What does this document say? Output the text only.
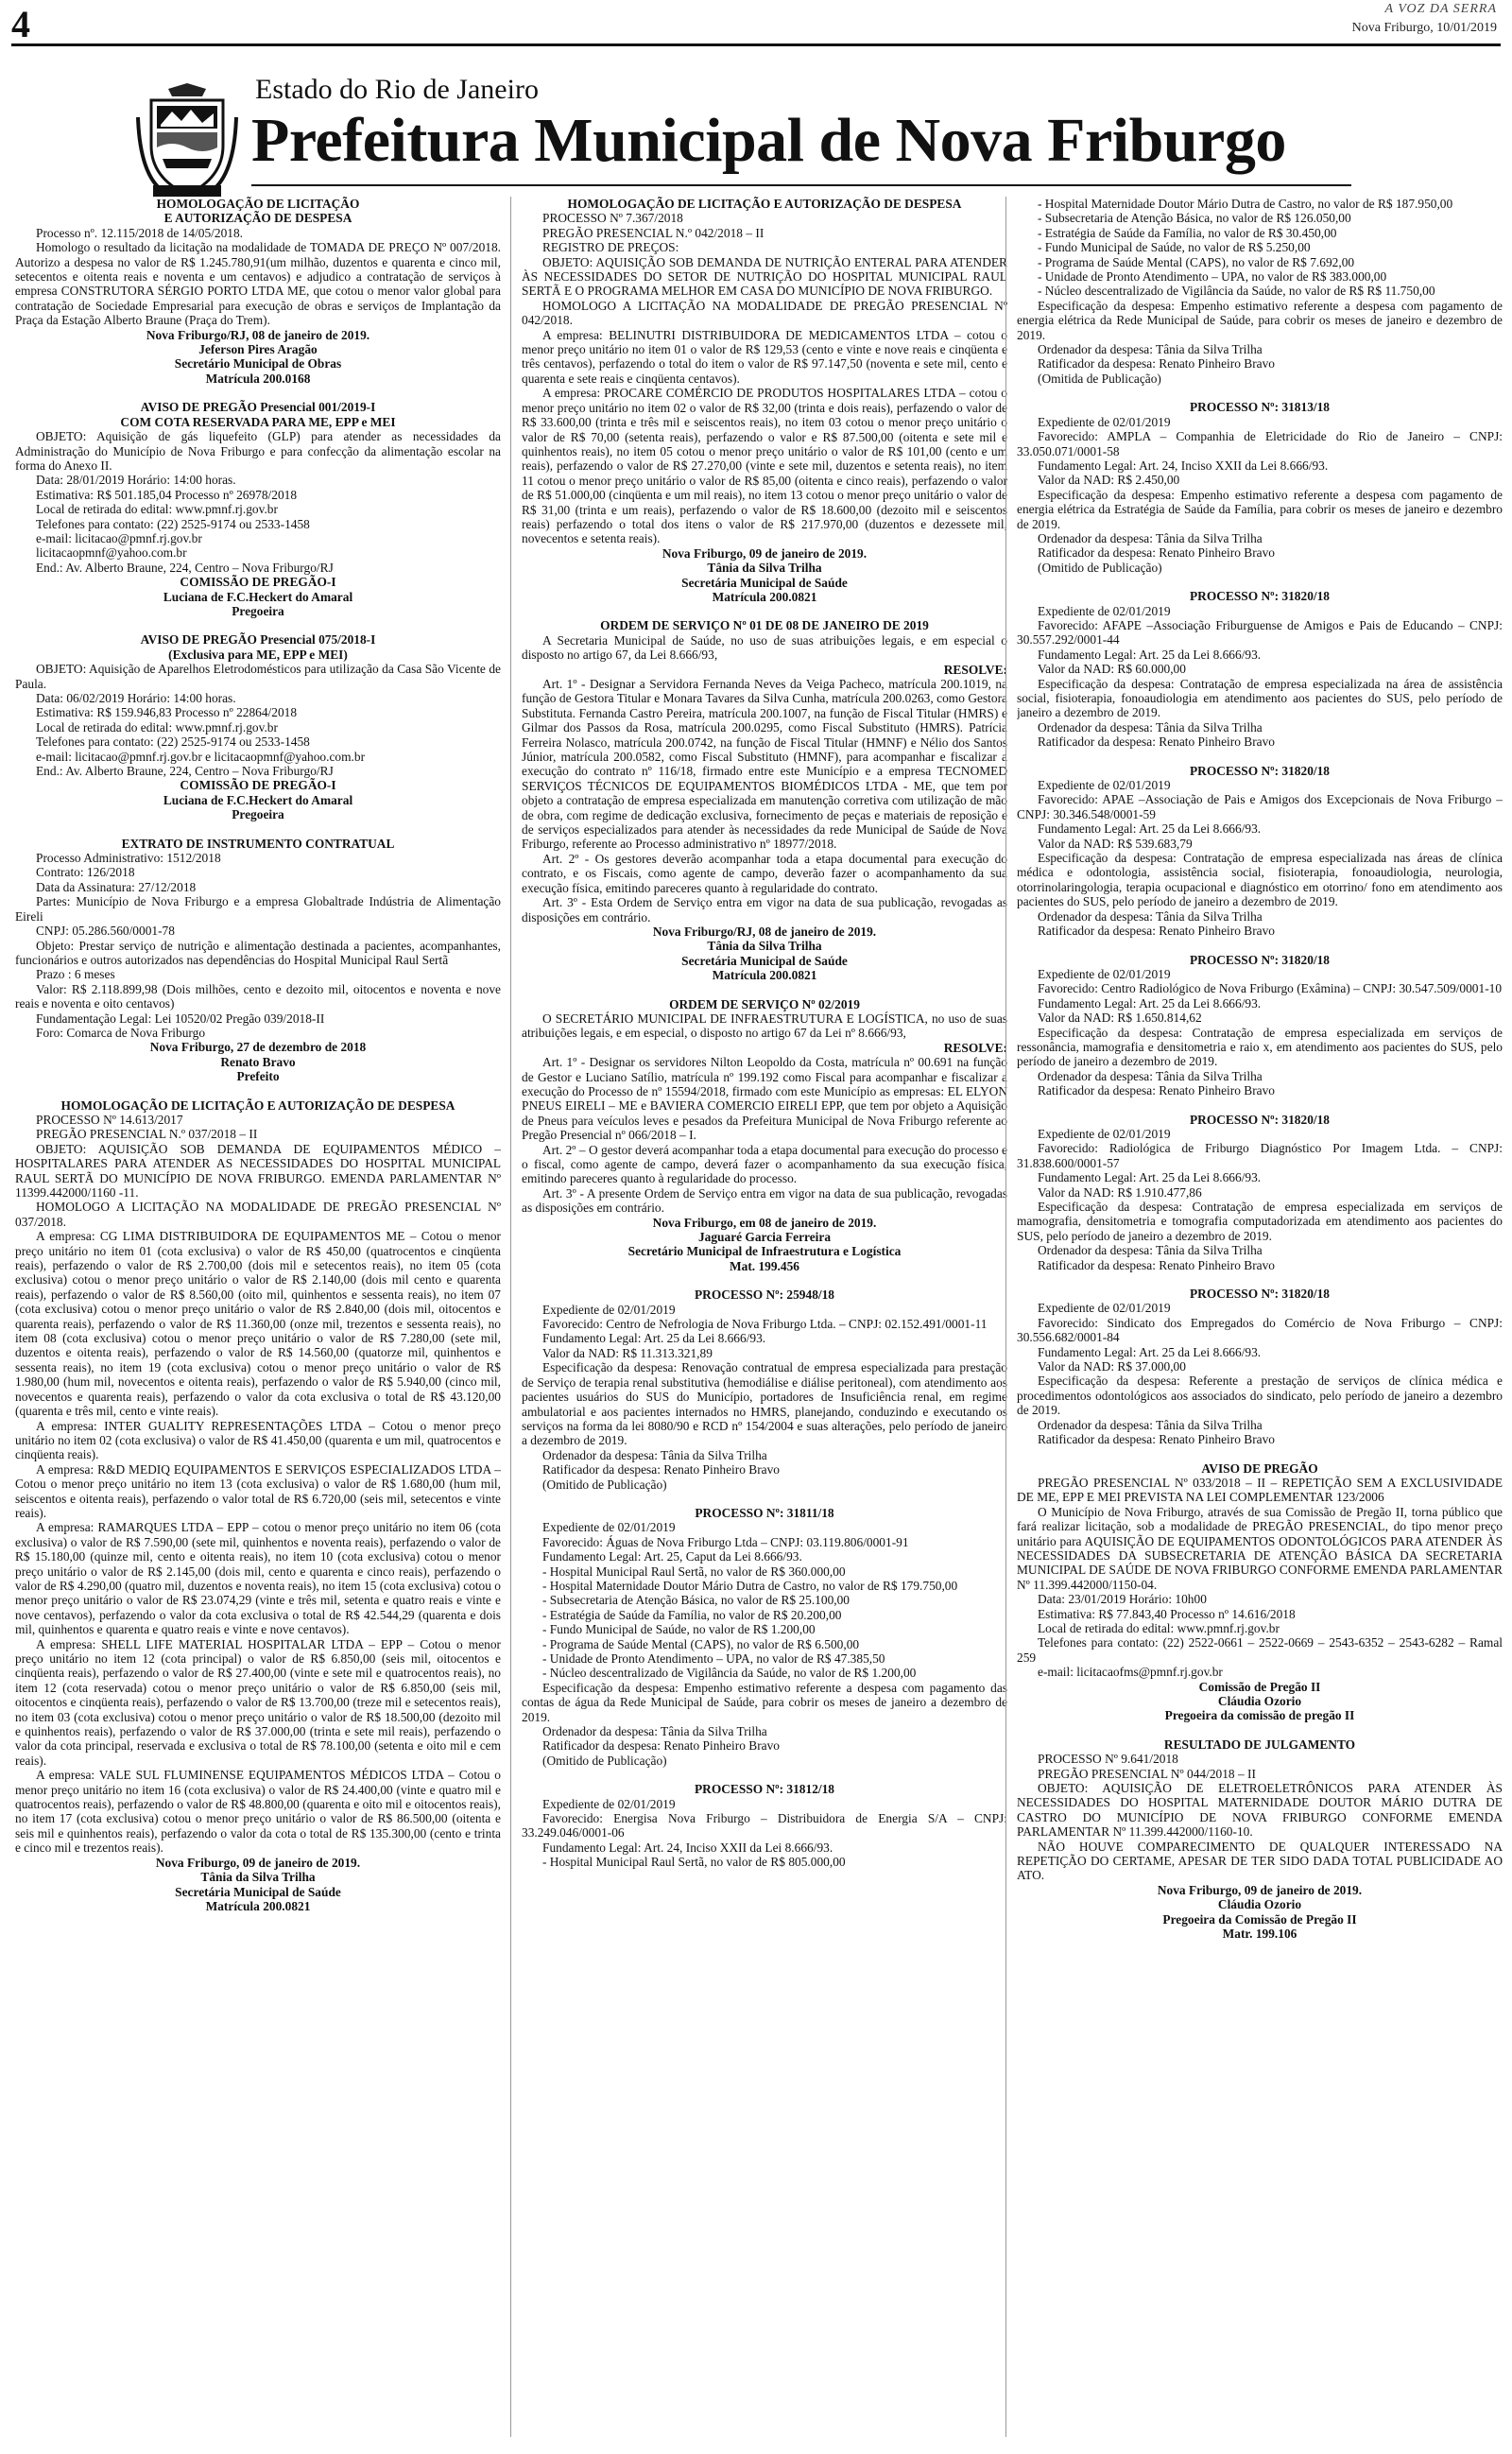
4	A VOZ DA SERRA
Nova Friburgo, 10/01/2019
Estado do Rio de Janeiro
Prefeitura Municipal de Nova Friburgo

HOMOLOGAÇÃO DE LICITAÇÃO

E AUTORIZAÇÃO DE DESPESA

Processo nº. 12.115/2018 de 14/05/2018.

Homologo o resultado da licitação na modalidade de TOMADA DE PREÇO Nº 007/2018. Autorizo a despesa no valor de R$ 1.245.780,91(um milhão, duzentos e quarenta e cinco mil, setecentos e oitenta reais e noventa e um centavos) e adjudico a contratação de serviços à empresa CONSTRUTORA SÉRGIO PORTO LTDA ME, que cotou o menor valor global para contratação de Sociedade Empresarial para execução de obras e serviços de Implantação da Praça da Estação Alberto Braune (Praça do Trem).

Nova Friburgo/RJ, 08 de janeiro de 2019.

Jeferson Pires Aragão

Secretário Municipal de Obras

Matrícula 200.0168

AVISO DE PREGÃO Presencial 001/2019-I

COM COTA RESERVADA PARA ME, EPP e MEI

OBJETO: Aquisição de gás liquefeito (GLP) para atender as necessidades da Administração do Município de Nova Friburgo e para confecção da alimentação escolar na forma do Anexo II.

Data: 28/01/2019 Horário: 14:00 horas.

Estimativa: R$ 501.185,04 Processo nº 26978/2018

Local de retirada do edital: www.pmnf.rj.gov.br

Telefones para contato: (22) 2525-9174 ou 2533-1458

e-mail: licitacao@pmnf.rj.gov.br

licitacaopmnf@yahoo.com.br

End.: Av. Alberto Braune, 224, Centro – Nova Friburgo/RJ

COMISSÃO DE PREGÃO-I

Luciana de F.C.Heckert do Amaral

Pregoeira

AVISO DE PREGÃO Presencial 075/2018-I

(Exclusiva para ME, EPP e MEI)

OBJETO: Aquisição de Aparelhos Eletrodomésticos para utilização da Casa São Vicente de Paula.

Data: 06/02/2019 Horário: 14:00 horas.

Estimativa: R$ 159.946,83 Processo nº 22864/2018

Local de retirada do edital: www.pmnf.rj.gov.br

Telefones para contato: (22) 2525-9174 ou 2533-1458

e-mail: licitacao@pmnf.rj.gov.br e licitacaopmnf@yahoo.com.br

End.: Av. Alberto Braune, 224, Centro – Nova Friburgo/RJ

COMISSÃO DE PREGÃO-I

Luciana de F.C.Heckert do Amaral

Pregoeira

EXTRATO DE INSTRUMENTO CONTRATUAL

Processo Administrativo: 1512/2018

Contrato: 126/2018

Data da Assinatura: 27/12/2018

Partes: Município de Nova Friburgo e a empresa Globaltrade Indústria de Alimentação Eireli

CNPJ: 05.286.560/0001-78

Objeto: Prestar serviço de nutrição e alimentação destinada a pacientes, acompanhantes, funcionários e outros autorizados nas dependências do Hospital Municipal Raul Sertã

Prazo : 6 meses

Valor: R$ 2.118.899,98 (Dois milhões, cento e dezoito mil, oitocentos e noventa e nove reais e noventa e oito centavos)

Fundamentação Legal: Lei 10520/02 Pregão 039/2018-II

Foro: Comarca de Nova Friburgo

Nova Friburgo, 27 de dezembro de 2018

Renato Bravo

Prefeito

HOMOLOGAÇÃO DE LICITAÇÃO E AUTORIZAÇÃO DE DESPESA

PROCESSO Nº 14.613/2017

PREGÃO PRESENCIAL N.º 037/2018 – II

OBJETO: AQUISIÇÃO SOB DEMANDA DE EQUIPAMENTOS MÉDICO – HOSPITALARES PARA ATENDER AS NECESSIDADES DO HOSPITAL MUNICIPAL RAUL SERTÃ DO MUNICÍPIO DE NOVA FRIBURGO. EMENDA PARLAMENTAR Nº 11399.442000/1160 -11.

HOMOLOGO A LICITAÇÃO NA MODALIDADE DE PREGÃO PRESENCIAL Nº 037/2018.

A empresa: CG LIMA DISTRIBUIDORA DE EQUIPAMENTOS ME – Cotou o menor preço unitário no item 01 (cota exclusiva) o valor de R$ 450,00 (quatrocentos e cinqüenta reais), perfazendo o valor de R$ 2.700,00 (dois mil e setecentos reais), no item 05 (cota exclusiva) cotou o menor preço unitário o valor de R$ 2.140,00 (dois mil cento e quarenta reais), perfazendo o valor de R$ 8.560,00 (oito mil, quinhentos e sessenta reais), no item 07 (cota exclusiva) cotou o menor preço unitário o valor de R$ 2.840,00 (dois mil, oitocentos e quarenta reais), perfazendo o valor de R$ 11.360,00 (onze mil, trezentos e sessenta reais), no item 08 (cota exclusiva) cotou o menor preço unitário o valor de R$ 7.280,00 (sete mil, duzentos e oitenta reais), perfazendo o valor de R$ 14.560,00 (quatorze mil, quinhentos e sessenta reais), no item 19 (cota exclusiva) cotou o menor preço unitário o valor de R$ 1.980,00 (hum mil, novecentos e oitenta reais), perfazendo o valor de R$ 5.940,00 (cinco mil, novecentos e quarenta reais), perfazendo o valor da cota exclusiva o total de R$ 43.120,00 (quarenta e três mil, cento e vinte reais).

A empresa: INTER GUALITY REPRESENTAÇÕES LTDA – Cotou o menor preço unitário no item 02 (cota exclusiva) o valor de R$ 41.450,00 (quarenta e um mil, quatrocentos e cinqüenta reais).

A empresa: R&D MEDIQ EQUIPAMENTOS E SERVIÇOS ESPECIALIZADOS LTDA – Cotou o menor preço unitário no item 13 (cota exclusiva) o valor de R$ 1.680,00 (hum mil, seiscentos e oitenta reais), perfazendo o valor total de R$ 6.720,00 (seis mil, setecentos e vinte reais).

A empresa: RAMARQUES LTDA – EPP – cotou o menor preço unitário no item 06 (cota exclusiva) o valor de R$ 7.590,00 (sete mil, quinhentos e noventa reais), perfazendo o valor de R$ 15.180,00 (quinze mil, cento e oitenta reais), no item 10 (cota exclusiva) cotou o menor preço unitário o valor de R$ 2.145,00 (dois mil, cento e quarenta e cinco reais), perfazendo o valor de R$ 4.290,00 (quatro mil, duzentos e noventa reais), no item 15 (cota exclusiva) cotou o menor preço unitário o valor de R$ 23.074,29 (vinte e três mil, setenta e quatro reais e vinte e nove centavos), perfazendo o valor da cota exclusiva o total de R$ 42.544,29 (quarenta e dois mil, quinhentos e quarenta e quatro reais e vinte e nove centavos).

A empresa: SHELL LIFE MATERIAL HOSPITALAR LTDA – EPP – Cotou o menor preço unitário no item 12 (cota principal) o valor de R$ 6.850,00 (seis mil, oitocentos e cinqüenta reais), perfazendo o valor de R$ 27.400,00 (vinte e sete mil e quatrocentos reais), no item 12 (cota reservada) cotou o menor preço unitário o valor de R$ 6.850,00 (seis mil, oitocentos e cinqüenta reais), perfazendo o valor de R$ 13.700,00 (treze mil e setecentos reais), no item 03 (cota exclusiva) cotou o menor preço unitário o valor de R$ 18.500,00 (dezoito mil e quinhentos reais), perfazendo o valor de R$ 37.000,00 (trinta e sete mil reais), perfazendo o valor da cota principal, reservada e exclusiva o total de R$ 78.100,00 (setenta e oito mil e cem reais).

A empresa: VALE SUL FLUMINENSE EQUIPAMENTOS MÉDICOS LTDA – Cotou o menor preço unitário no item 16 (cota exclusiva) o valor de R$ 24.400,00 (vinte e quatro mil e quatrocentos reais), perfazendo o valor de R$ 48.800,00 (quarenta e oito mil e oitocentos reais), no item 17 (cota exclusiva) cotou o menor preço unitário o valor de R$ 86.500,00 (oitenta e seis mil e quinhentos reais), perfazendo o valor da cota o total de R$ 135.300,00 (cento e trinta e cinco mil e trezentos reais).

Nova Friburgo, 09 de janeiro de 2019.

Tânia da Silva Trilha

Secretária Municipal de Saúde

Matrícula 200.0821

HOMOLOGAÇÃO DE LICITAÇÃO E AUTORIZAÇÃO DE DESPESA

PROCESSO Nº 7.367/2018

PREGÃO PRESENCIAL N.º 042/2018 – II

REGISTRO DE PREÇOS:

OBJETO: AQUISIÇÃO SOB DEMANDA DE NUTRIÇÃO ENTERAL PARA ATENDER ÀS NECESSIDADES DO SETOR DE NUTRIÇÃO DO HOSPITAL MUNICIPAL RAUL SERTÃ E O PROGRAMA MELHOR EM CASA DO MUNICÍPIO DE NOVA FRIBURGO.

HOMOLOGO A LICITAÇÃO NA MODALIDADE DE PREGÃO PRESENCIAL Nº 042/2018.

A empresa: BELINUTRI DISTRIBUIDORA DE MEDICAMENTOS LTDA – cotou o menor preço unitário no item 01 o valor de R$ 129,53 (cento e vinte e nove reais e cinqüenta e três centavos), perfazendo o total do item o valor de R$ 97.147,50 (noventa e sete mil, cento e quarenta e sete reais e cinqüenta centavos).

A empresa: PROCARE COMÉRCIO DE PRODUTOS HOSPITALARES LTDA – cotou o menor preço unitário no item 02 o valor de R$ 32,00 (trinta e dois reais), perfazendo o valor de R$ 33.600,00 (trinta e três mil e seiscentos reais), no item 03 cotou o menor preço unitário o valor de R$ 70,00 (setenta reais), perfazendo o valor e R$ 87.500,00 (oitenta e sete mil e quinhentos reais), no item 05 cotou o menor preço unitário o valor de R$ 101,00 (cento e um reais), perfazendo o valor de R$ 27.270,00 (vinte e sete mil, duzentos e setenta reais), no item 11 cotou o menor preço unitário o valor de R$ 85,00 (oitenta e cinco reais), perfazendo o valor de R$ 51.000,00 (cinqüenta e um mil reais), no item 13 cotou o menor preço unitário o valor de R$ 31,00 (trinta e um reais), perfazendo o valor de R$ 18.600,00 (dezoito mil e seiscentos reais) perfazendo o total dos itens o valor de R$ 217.970,00 (duzentos e dezessete mil, novecentos e setenta reais).

Nova Friburgo, 09 de janeiro de 2019.

Tânia da Silva Trilha

Secretária Municipal de Saúde

Matrícula 200.0821

ORDEM DE SERVIÇO Nº 01 DE 08 DE JANEIRO DE 2019

A Secretaria Municipal de Saúde, no uso de suas atribuições legais, e em especial o disposto no artigo 67, da Lei 8.666/93,

RESOLVE:

Art. 1º - Designar a Servidora Fernanda Neves da Veiga Pacheco, matrícula 200.1019, na função de Gestora Titular e Monara Tavares da Silva Cunha, matrícula 200.0263, como Gestora Substituta. Fernanda Castro Pereira, matrícula 200.1007, na função de Fiscal Titular (HMRS) e Gilmar dos Passos da Rosa, matrícula 200.0295, como Fiscal Substituto (HMRS). Patrícia Ferreira Nolasco, matrícula 200.0742, na função de Fiscal Titular (HMNF) e Nélio dos Santos Júnior, matrícula 200.0582, como Fiscal Substituto (HMNF), para acompanhar e fiscalizar a execução do contrato nº 116/18, firmado entre este Município e a empresa TECNOMED SERVIÇOS TÉCNICOS DE EQUIPAMENTOS BIOMÉDICOS LTDA - ME, que tem por objeto a contratação de empresa especializada em manutenção corretiva com utilização de mão de obra, com regime de dedicação exclusiva, fornecimento de peças e materiais de reposição e de serviços especializados para atender às necessidades da rede Municipal de Saúde de Nova Friburgo, referente ao Processo administrativo nº 18977/2018.

Art. 2º - Os gestores deverão acompanhar toda a etapa documental para execução do contrato, e os Fiscais, como agente de campo, deverão fazer o acompanhamento da sua execução física, emitindo pareceres quanto à regularidade do contrato.

Art. 3º - Esta Ordem de Serviço entra em vigor na data de sua publicação, revogadas as disposições em contrário.

Nova Friburgo/RJ, 08 de janeiro de 2019.

Tânia da Silva Trilha

Secretária Municipal de Saúde

Matrícula 200.0821

ORDEM DE SERVIÇO Nº 02/2019

O SECRETÁRIO MUNICIPAL DE INFRAESTRUTURA E LOGÍSTICA, no uso de suas atribuições legais, e em especial, o disposto no artigo 67 da Lei nº 8.666/93,

RESOLVE:

Art. 1º - Designar os servidores Nilton Leopoldo da Costa, matrícula nº 00.691 na função de Gestor e Luciano Satílio, matrícula nº 199.192 como Fiscal para acompanhar e fiscalizar a execução do Processo de nº 15594/2018, firmado com este Município as empresas: EL ELYON PNEUS EIRELI – ME e BAVIERA COMERCIO EIRELI EPP, que tem por objeto a Aquisição de Pneus para veículos leves e pesados da Prefeitura Municipal de Nova Friburgo referente ao Pregão Presencial nº 066/2018 – I.

Art. 2º – O gestor deverá acompanhar toda a etapa documental para execução do processo e o fiscal, como agente de campo, deverá fazer o acompanhamento da sua execução física, emitindo pareceres quanto à regularidade do processo.

Art. 3º - A presente Ordem de Serviço entra em vigor na data de sua publicação, revogadas as disposições em contrário.

Nova Friburgo, em 08 de janeiro de 2019.

Jaguaré Garcia Ferreira

Secretário Municipal de Infraestrutura e Logística

Mat. 199.456

PROCESSO Nº: 25948/18

Expediente de 02/01/2019

Favorecido: Centro de Nefrologia de Nova Friburgo Ltda. – CNPJ: 02.152.491/0001-11

Fundamento Legal: Art. 25 da Lei 8.666/93.

Valor da NAD: R$ 11.313.321,89

Especificação da despesa: Renovação contratual de empresa especializada para prestação de Serviço de terapia renal substitutiva (hemodiálise e diálise peritoneal), com atendimento aos pacientes usuários do SUS do Município, portadores de Insuficiência renal, em regime ambulatorial e aos pacientes internados no HMRS, planejando, conduzindo e executando os serviços na forma da lei 8080/90 e RCD nº 154/2004 e suas alterações, pelo período de janeiro a dezembro de 2019.

Ordenador da despesa: Tânia da Silva Trilha

Ratificador da despesa: Renato Pinheiro Bravo

(Omitido de Publicação)

PROCESSO Nº: 31811/18

Expediente de 02/01/2019

Favorecido: Águas de Nova Friburgo Ltda – CNPJ: 03.119.806/0001-91

Fundamento Legal: Art. 25, Caput da Lei 8.666/93.

- Hospital Municipal Raul Sertã, no valor de R$ 360.000,00

- Hospital Maternidade Doutor Mário Dutra de Castro, no valor de R$ 179.750,00

- Subsecretaria de Atenção Básica, no valor de R$ 25.100,00

- Estratégia de Saúde da Família, no valor de R$ 20.200,00

- Fundo Municipal de Saúde, no valor de R$ 1.200,00

- Programa de Saúde Mental (CAPS), no valor de R$ 6.500,00

- Unidade de Pronto Atendimento – UPA, no valor de R$ 47.385,50

- Núcleo descentralizado de Vigilância da Saúde, no valor de R$ 1.200,00

Especificação da despesa: Empenho estimativo referente a despesa com pagamento das contas de água da Rede Municipal de Saúde, para cobrir os meses de janeiro a dezembro de 2019.

Ordenador da despesa: Tânia da Silva Trilha

Ratificador da despesa: Renato Pinheiro Bravo

(Omitido de Publicação)

PROCESSO Nº: 31812/18

Expediente de 02/01/2019

Favorecido: Energisa Nova Friburgo – Distribuidora de Energia S/A – CNPJ: 33.249.046/0001-06

Fundamento Legal: Art. 24, Inciso XXII da Lei 8.666/93.

- Hospital Municipal Raul Sertã, no valor de R$ 805.000,00

- Hospital Maternidade Doutor Mário Dutra de Castro, no valor de R$ 187.950,00

- Subsecretaria de Atenção Básica, no valor de R$ 126.050,00

- Estratégia de Saúde da Família, no valor de R$ 30.450,00

- Fundo Municipal de Saúde, no valor de R$ 5.250,00

- Programa de Saúde Mental (CAPS), no valor de R$ 7.692,00

- Unidade de Pronto Atendimento – UPA, no valor de R$ 383.000,00

- Núcleo descentralizado de Vigilância da Saúde, no valor de R$ R$ 11.750,00

Especificação da despesa: Empenho estimativo referente a despesa com pagamento de energia elétrica da Rede Municipal de Saúde, para cobrir os meses de janeiro e dezembro de 2019.

Ordenador da despesa: Tânia da Silva Trilha

Ratificador da despesa: Renato Pinheiro Bravo

(Omitida de Publicação)

PROCESSO Nº: 31813/18

Expediente de 02/01/2019

Favorecido: AMPLA – Companhia de Eletricidade do Rio de Janeiro – CNPJ: 33.050.071/0001-58

Fundamento Legal: Art. 24, Inciso XXII da Lei 8.666/93.

Valor da NAD: R$ 2.450,00

Especificação da despesa: Empenho estimativo referente a despesa com pagamento de energia elétrica da Estratégia de Saúde da Família, para cobrir os meses de janeiro e dezembro de 2019.

Ordenador da despesa: Tânia da Silva Trilha

Ratificador da despesa: Renato Pinheiro Bravo

(Omitido de Publicação)

PROCESSO Nº: 31820/18

Expediente de 02/01/2019

Favorecido: AFAPE –Associação Friburguense de Amigos e Pais de Educando – CNPJ: 30.557.292/0001-44

Fundamento Legal: Art. 25 da Lei 8.666/93.

Valor da NAD: R$ 60.000,00

Especificação da despesa: Contratação de empresa especializada na área de assistência social, fisioterapia, fonoaudiologia em atendimento aos pacientes do SUS, pelo período de janeiro a dezembro de 2019.

Ordenador da despesa: Tânia da Silva Trilha

Ratificador da despesa: Renato Pinheiro Bravo

PROCESSO Nº: 31820/18

Expediente de 02/01/2019

Favorecido: APAE –Associação de Pais e Amigos dos Excepcionais de Nova Friburgo – CNPJ: 30.346.548/0001-59

Fundamento Legal: Art. 25 da Lei 8.666/93.

Valor da NAD: R$ 539.683,79

Especificação da despesa: Contratação de empresa especializada nas áreas de clínica médica e odontologia, assistência social, fisioterapia, fonoaudiologia, neurologia, otorrinolaringologia, terapia ocupacional e diagnóstico em otorrino/ fono em atendimento aos pacientes do SUS, pelo período de janeiro a dezembro de 2019.

Ordenador da despesa: Tânia da Silva Trilha

Ratificador da despesa: Renato Pinheiro Bravo

PROCESSO Nº: 31820/18

Expediente de 02/01/2019

Favorecido: Centro Radiológico de Nova Friburgo (Exâmina) – CNPJ: 30.547.509/0001-10

Fundamento Legal: Art. 25 da Lei 8.666/93.

Valor da NAD: R$ 1.650.814,62

Especificação da despesa: Contratação de empresa especializada em serviços de ressonância, mamografia e densitometria e raio x, em atendimento aos pacientes do SUS, pelo período de janeiro a dezembro de 2019.

Ordenador da despesa: Tânia da Silva Trilha

Ratificador da despesa: Renato Pinheiro Bravo

PROCESSO Nº: 31820/18

Expediente de 02/01/2019

Favorecido: Radiológica de Friburgo Diagnóstico Por Imagem Ltda. – CNPJ: 31.838.600/0001-57

Fundamento Legal: Art. 25 da Lei 8.666/93.

Valor da NAD: R$ 1.910.477,86

Especificação da despesa: Contratação de empresa especializada em serviços de mamografia, densitometria e tomografia computadorizada em atendimento aos pacientes do SUS, pelo período de janeiro a dezembro de 2019.

Ordenador da despesa: Tânia da Silva Trilha

Ratificador da despesa: Renato Pinheiro Bravo

PROCESSO Nº: 31820/18

Expediente de 02/01/2019

Favorecido: Sindicato dos Empregados do Comércio de Nova Friburgo – CNPJ: 30.556.682/0001-84

Fundamento Legal: Art. 25 da Lei 8.666/93.

Valor da NAD: R$ 37.000,00

Especificação da despesa: Referente a prestação de serviços de clínica médica e procedimentos odontológicos aos associados do sindicato, pelo período de janeiro a dezembro de 2019.

Ordenador da despesa: Tânia da Silva Trilha

Ratificador da despesa: Renato Pinheiro Bravo

AVISO DE PREGÃO

PREGÃO PRESENCIAL Nº 033/2018 – II – REPETIÇÃO SEM A EXCLUSIVIDADE DE ME, EPP E MEI PREVISTA NA LEI COMPLEMENTAR 123/2006

O Município de Nova Friburgo, através de sua Comissão de Pregão II, torna público que fará realizar licitação, sob a modalidade de PREGÃO PRESENCIAL, do tipo menor preço unitário para AQUISIÇÃO DE EQUIPAMENTOS ODONTOLÓGICOS PARA ATENDER ÀS NECESSIDADES DA SUBSECRETARIA DE ATENÇÃO BÁSICA DA SECRETARIA MUNICIPAL DE SAÚDE DE NOVA FRIBURGO CONFORME EMENDA PARLAMENTAR Nº 11.399.442000/1150-04.

Data: 23/01/2019 Horário: 10h00

Estimativa: R$ 77.843,40 Processo nº 14.616/2018

Local de retirada do edital: www.pmnf.rj.gov.br

Telefones para contato: (22) 2522-0661 – 2522-0669 – 2543-6352 – 2543-6282 – Ramal 259

e-mail: licitacaofms@pmnf.rj.gov.br

Comissão de Pregão II

Cláudia Ozorio

Pregoeira da comissão de pregão II

RESULTADO DE JULGAMENTO

PROCESSO Nº 9.641/2018

PREGÃO PRESENCIAL Nº 044/2018 – II

OBJETO: AQUISIÇÃO DE ELETROELETRÔNICOS PARA ATENDER ÀS NECESSIDADES DO HOSPITAL MATERNIDADE DOUTOR MÁRIO DUTRA DE CASTRO DO MUNICÍPIO DE NOVA FRIBURGO CONFORME EMENDA PARLAMENTAR Nº 11.399.442000/1160-10.

NÃO HOUVE COMPARECIMENTO DE QUALQUER INTERESSADO NA REPETIÇÃO DO CERTAME, APESAR DE TER SIDO DADA TOTAL PUBLICIDADE AO ATO.

Nova Friburgo, 09 de janeiro de 2019.

Cláudia Ozorio

Pregoeira da Comissão de Pregão II

Matr. 199.106
